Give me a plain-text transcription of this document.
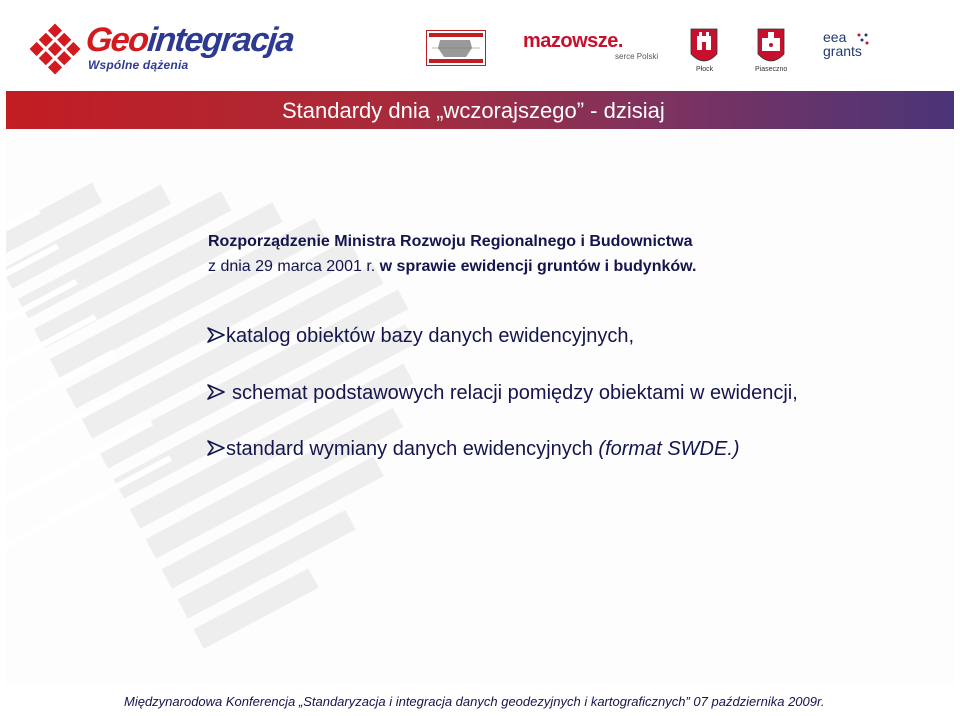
Geointegracja
Wspólne dążenia
mazowsze.
serce Polski
Płock	Piaseczno
eea
grants
Standardy dnia „wczorajszego” - dzisiaj
Rozporządzenie Ministra Rozwoju Regionalnego i Budownictwa
z dnia 29 marca 2001 r. w sprawie ewidencji gruntów i budynków.
katalog obiektów bazy danych ewidencyjnych,
schemat podstawowych relacji pomiędzy obiektami w ewidencji,
standard wymiany danych ewidencyjnych (format SWDE.)
Międzynarodowa Konferencja „Standaryzacja i integracja danych geodezyjnych i kartograficznych” 07 października 2009r.
